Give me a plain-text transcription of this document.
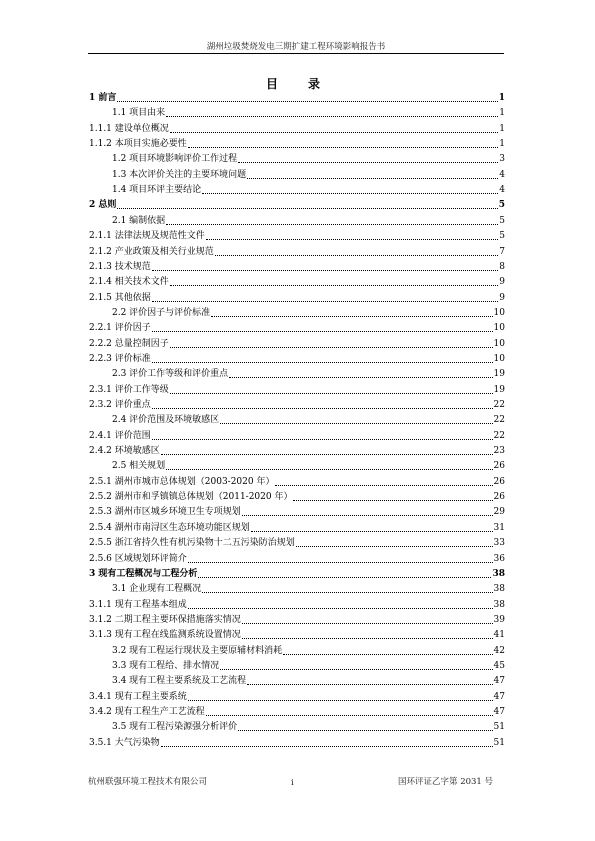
湖州垃圾焚烧发电三期扩建工程环境影响报告书
目　录
1 前言	1
1.1 项目由来	1
1.1.1 建设单位概况	1
1.1.2 本项目实施必要性	1
1.2 项目环境影响评价工作过程	3
1.3 本次评价关注的主要环境问题	4
1.4 项目环评主要结论	4
2 总则	5
2.1 编制依据	5
2.1.1 法律法规及规范性文件	5
2.1.2 产业政策及相关行业规范	7
2.1.3 技术规范	8
2.1.4 相关技术文件	9
2.1.5 其他依据	9
2.2 评价因子与评价标准	10
2.2.1 评价因子	10
2.2.2 总量控制因子	10
2.2.3 评价标准	10
2.3 评价工作等级和评价重点	19
2.3.1 评价工作等级	19
2.3.2 评价重点	22
2.4 评价范围及环境敏感区	22
2.4.1 评价范围	22
2.4.2 环境敏感区	23
2.5 相关规划	26
2.5.1 湖州市城市总体规划（2003-2020 年）	26
2.5.2 湖州市和孚镇镇总体规划（2011-2020 年）	26
2.5.3 湖州市区城乡环境卫生专项规划	29
2.5.4 湖州市南浔区生态环境功能区规划	31
2.5.5 浙江省持久性有机污染物十二五污染防治规划	33
2.5.6 区域规划环评简介	36
3 现有工程概况与工程分析	38
3.1 企业现有工程概况	38
3.1.1 现有工程基本组成	38
3.1.2 二期工程主要环保措施落实情况	39
3.1.3 现有工程在线监测系统设置情况	41
3.2 现有工程运行现状及主要原辅材料消耗	42
3.3 现有工程给、排水情况	45
3.4 现有工程主要系统及工艺流程	47
3.4.1 现有工程主要系统	47
3.4.2 现有工程生产工艺流程	47
3.5 现有工程污染源强分析评价	51
3.5.1 大气污染物	51
杭州联强环境工程技术有限公司	i	国环评证乙字第 2031 号
